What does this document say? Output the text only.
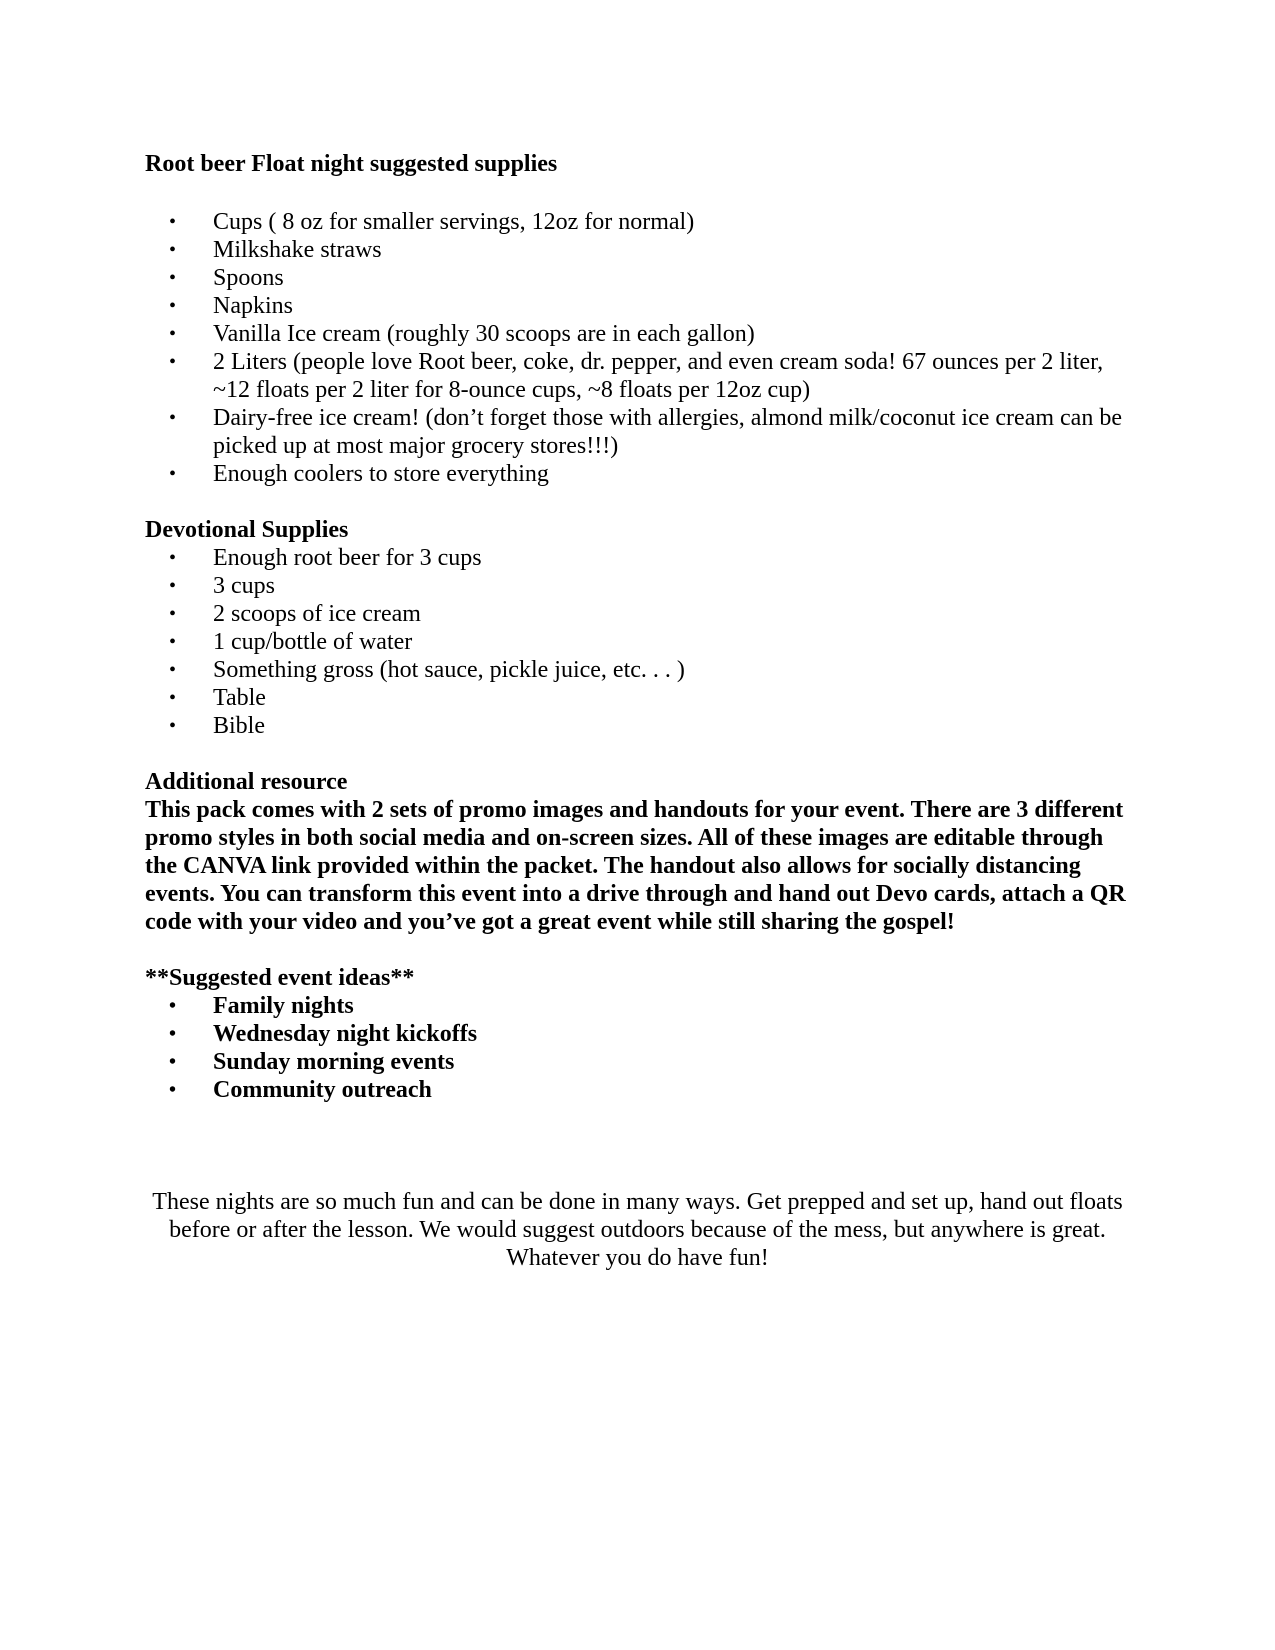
Root beer Float night suggested supplies

• Cups ( 8 oz for smaller servings, 12oz for normal)
• Milkshake straws
• Spoons
• Napkins
• Vanilla Ice cream (roughly 30 scoops are in each gallon)
• 2 Liters (people love Root beer, coke, dr. pepper, and even cream soda! 67 ounces per 2 liter, ~12 floats per 2 liter for 8-ounce cups, ~8 floats per 12oz cup)
• Dairy-free ice cream! (don’t forget those with allergies, almond milk/coconut ice cream can be picked up at most major grocery stores!!!)
• Enough coolers to store everything

Devotional Supplies

• Enough root beer for 3 cups
• 3 cups
• 2 scoops of ice cream
• 1 cup/bottle of water
• Something gross (hot sauce, pickle juice, etc. . . )
• Table
• Bible

Additional resource

This pack comes with 2 sets of promo images and handouts for your event. There are 3 different promo styles in both social media and on-screen sizes. All of these images are editable through the CANVA link provided within the packet. The handout also allows for socially distancing events. You can transform this event into a drive through and hand out Devo cards, attach a QR code with your video and you’ve got a great event while still sharing the gospel!

**Suggested event ideas**

• Family nights
• Wednesday night kickoffs
• Sunday morning events
• Community outreach

These nights are so much fun and can be done in many ways. Get prepped and set up, hand out floats before or after the lesson. We would suggest outdoors because of the mess, but anywhere is great. Whatever you do have fun!
